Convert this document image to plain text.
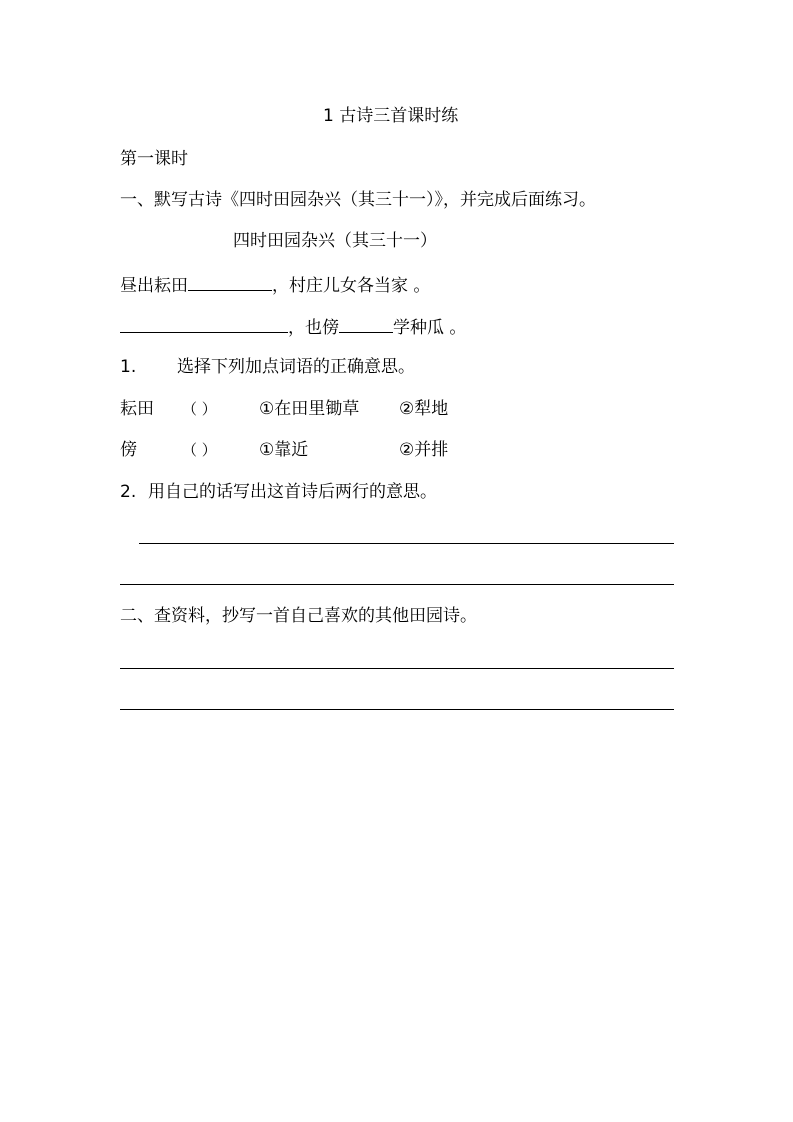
1 古诗三首课时练
第一课时
一、默写古诗《四时田园杂兴（其三十一）》，并完成后面练习。
四时田园杂兴（其三十一）
昼出耘田	，村庄儿女各当家 。
，也傍	学种瓜 。
1. 选择下列加点词语的正确意思。
耘田 （ ） ①在田里锄草 ②犁地
傍	（ ） ①靠近	②并排
2. 用自己的话写出这首诗后两行的意思。
二、查资料，抄写一首自己喜欢的其他田园诗。
